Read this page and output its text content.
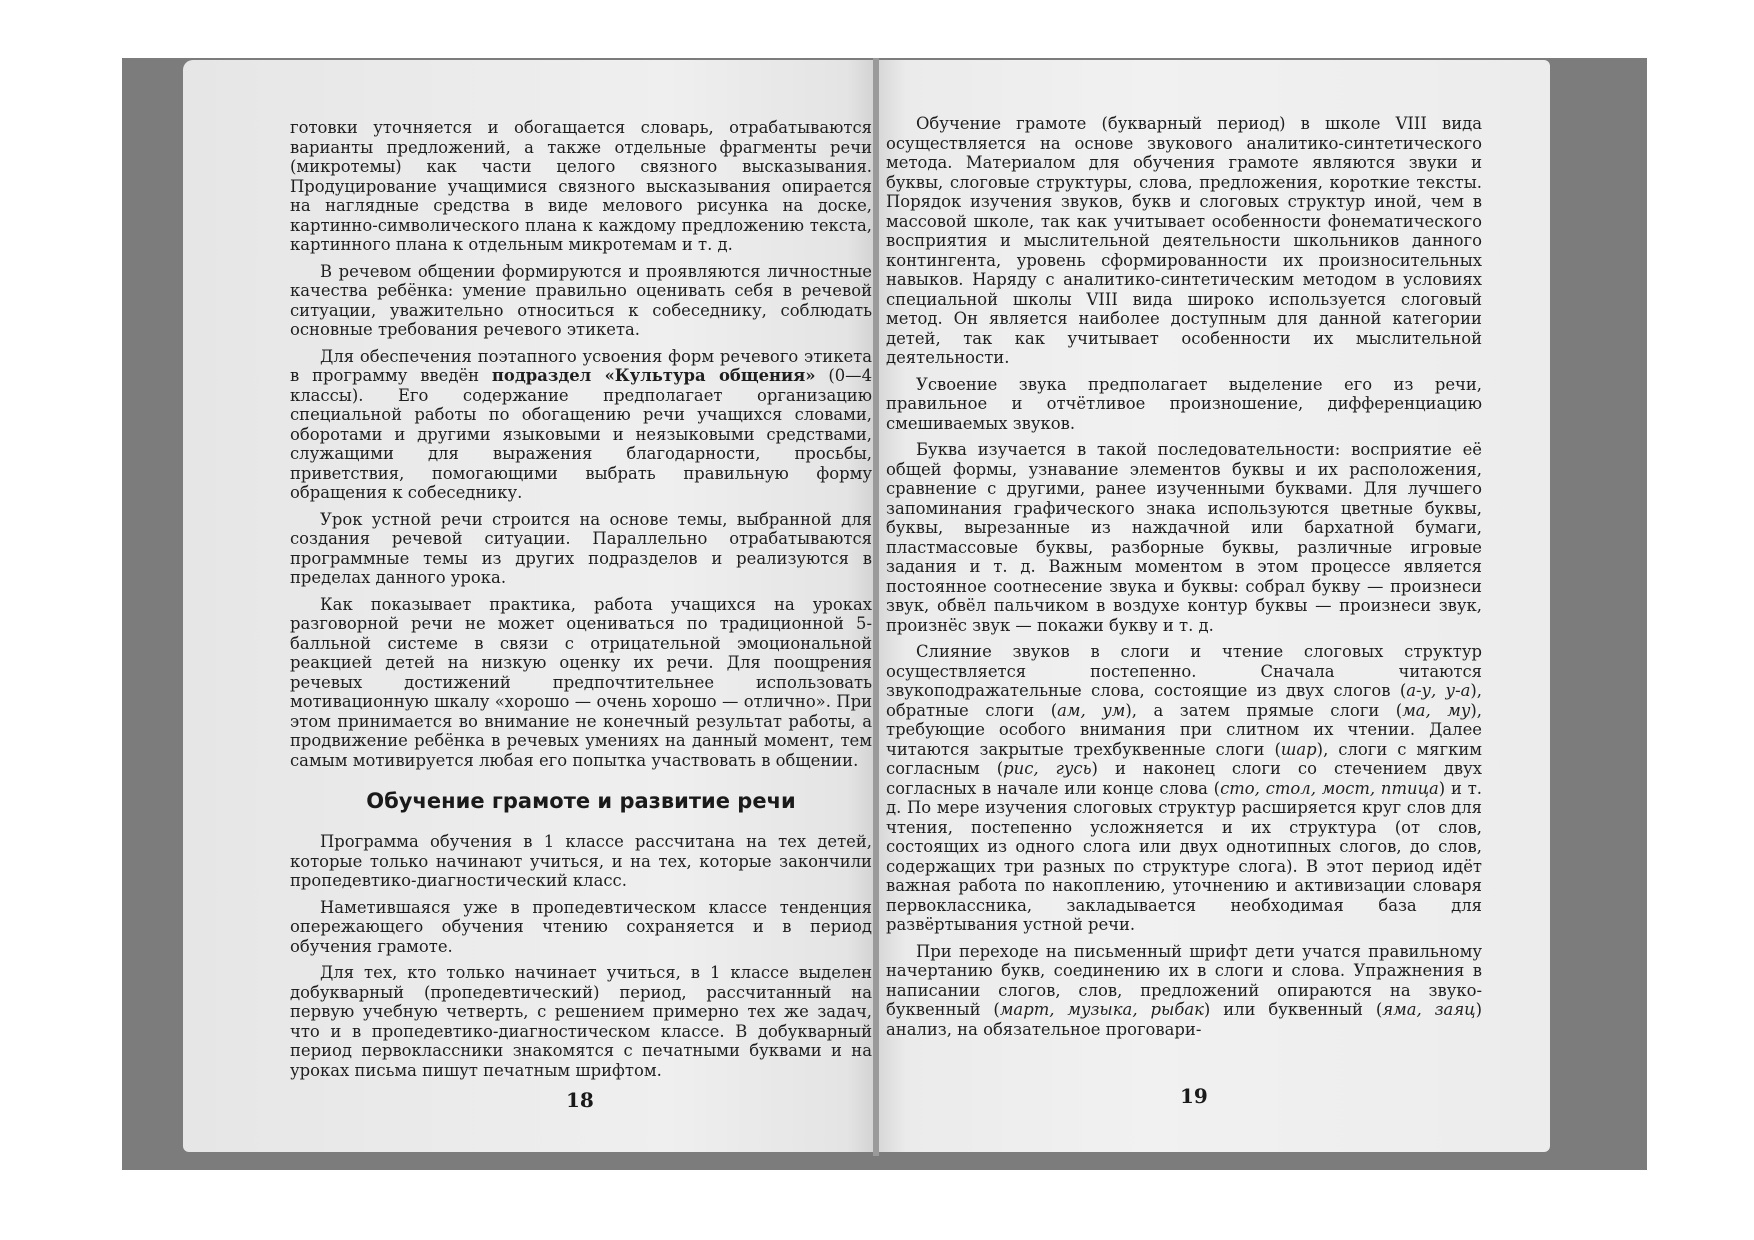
готовки уточняется и обогащается словарь, отрабатываются варианты предложений, а также отдельные фрагменты речи (микротемы) как части целого связного высказывания. Продуцирование учащимися связного высказывания опирается на наглядные средства в виде мелового рисунка на доске, картинно-символического плана к каждому предложению текста, картинного плана к отдельным микротемам и т. д.

В речевом общении формируются и проявляются личностные качества ребёнка: умение правильно оценивать себя в речевой ситуации, уважительно относиться к собеседнику, соблюдать основные требования речевого этикета.

Для обеспечения поэтапного усвоения форм речевого этикета в программу введён подраздел «Культура общения» (0—4 классы). Его содержание предполагает организацию специальной работы по обогащению речи учащихся словами, оборотами и другими языковыми и неязыковыми средствами, служащими для выражения благодарности, просьбы, приветствия, помогающими выбрать правильную форму обращения к собеседнику.

Урок устной речи строится на основе темы, выбранной для создания речевой ситуации. Параллельно отрабатываются программные темы из других подразделов и реализуются в пределах данного урока.

Как показывает практика, работа учащихся на уроках разговорной речи не может оцениваться по традиционной 5-балльной системе в связи с отрицательной эмоциональной реакцией детей на низкую оценку их речи. Для поощрения речевых достижений предпочтительнее использовать мотивационную шкалу «хорошо — очень хорошо — отлично». При этом принимается во внимание не конечный результат работы, а продвижение ребёнка в речевых умениях на данный момент, тем самым мотивируется любая его попытка участвовать в общении.

Обучение грамоте и развитие речи

Программа обучения в 1 классе рассчитана на тех детей, которые только начинают учиться, и на тех, которые закончили пропедевтико-диагностический класс.

Наметившаяся уже в пропедевтическом классе тенденция опережающего обучения чтению сохраняется и в период обучения грамоте.

Для тех, кто только начинает учиться, в 1 классе выделен добукварный (пропедевтический) период, рассчитанный на первую учебную четверть, с решением примерно тех же задач, что и в пропедевтико-диагностическом классе. В добукварный период первоклассники знакомятся с печатными буквами и на уроках письма пишут печатным шрифтом.

18

Обучение грамоте (букварный период) в школе VIII вида осуществляется на основе звукового аналитико-синтетического метода. Материалом для обучения грамоте являются звуки и буквы, слоговые структуры, слова, предложения, короткие тексты. Порядок изучения звуков, букв и слоговых структур иной, чем в массовой школе, так как учитывает особенности фонематического восприятия и мыслительной деятельности школьников данного контингента, уровень сформированности их произносительных навыков. Наряду с аналитико-синтетическим методом в условиях специальной школы VIII вида широко используется слоговый метод. Он является наиболее доступным для данной категории детей, так как учитывает особенности их мыслительной деятельности.

Усвоение звука предполагает выделение его из речи, правильное и отчётливое произношение, дифференциацию смешиваемых звуков.

Буква изучается в такой последовательности: восприятие её общей формы, узнавание элементов буквы и их расположения, сравнение с другими, ранее изученными буквами. Для лучшего запоминания графического знака используются цветные буквы, буквы, вырезанные из наждачной или бархатной бумаги, пластмассовые буквы, разборные буквы, различные игровые задания и т. д. Важным моментом в этом процессе является постоянное соотнесение звука и буквы: собрал букву — произнеси звук, обвёл пальчиком в воздухе контур буквы — произнеси звук, произнёс звук — покажи букву и т. д.

Слияние звуков в слоги и чтение слоговых структур осуществляется постепенно. Сначала читаются звукоподражательные слова, состоящие из двух слогов (а-у, у-а), обратные слоги (ам, ум), а затем прямые слоги (ма, му), требующие особого внимания при слитном их чтении. Далее читаются закрытые трехбуквенные слоги (шар), слоги с мягким согласным (рис, гусь) и наконец слоги со стечением двух согласных в начале или конце слова (сто, стол, мост, птица) и т. д. По мере изучения слоговых структур расширяется круг слов для чтения, постепенно усложняется и их структура (от слов, состоящих из одного слога или двух однотипных слогов, до слов, содержащих три разных по структуре слога). В этот период идёт важная работа по накоплению, уточнению и активизации словаря первоклассника, закладывается необходимая база для развёртывания устной речи.

При переходе на письменный шрифт дети учатся правильному начертанию букв, соединению их в слоги и слова. Упражнения в написании слогов, слов, предложений опираются на звуко-буквенный (март, музыка, рыбак) или буквенный (яма, заяц) анализ, на обязательное проговари-

19
